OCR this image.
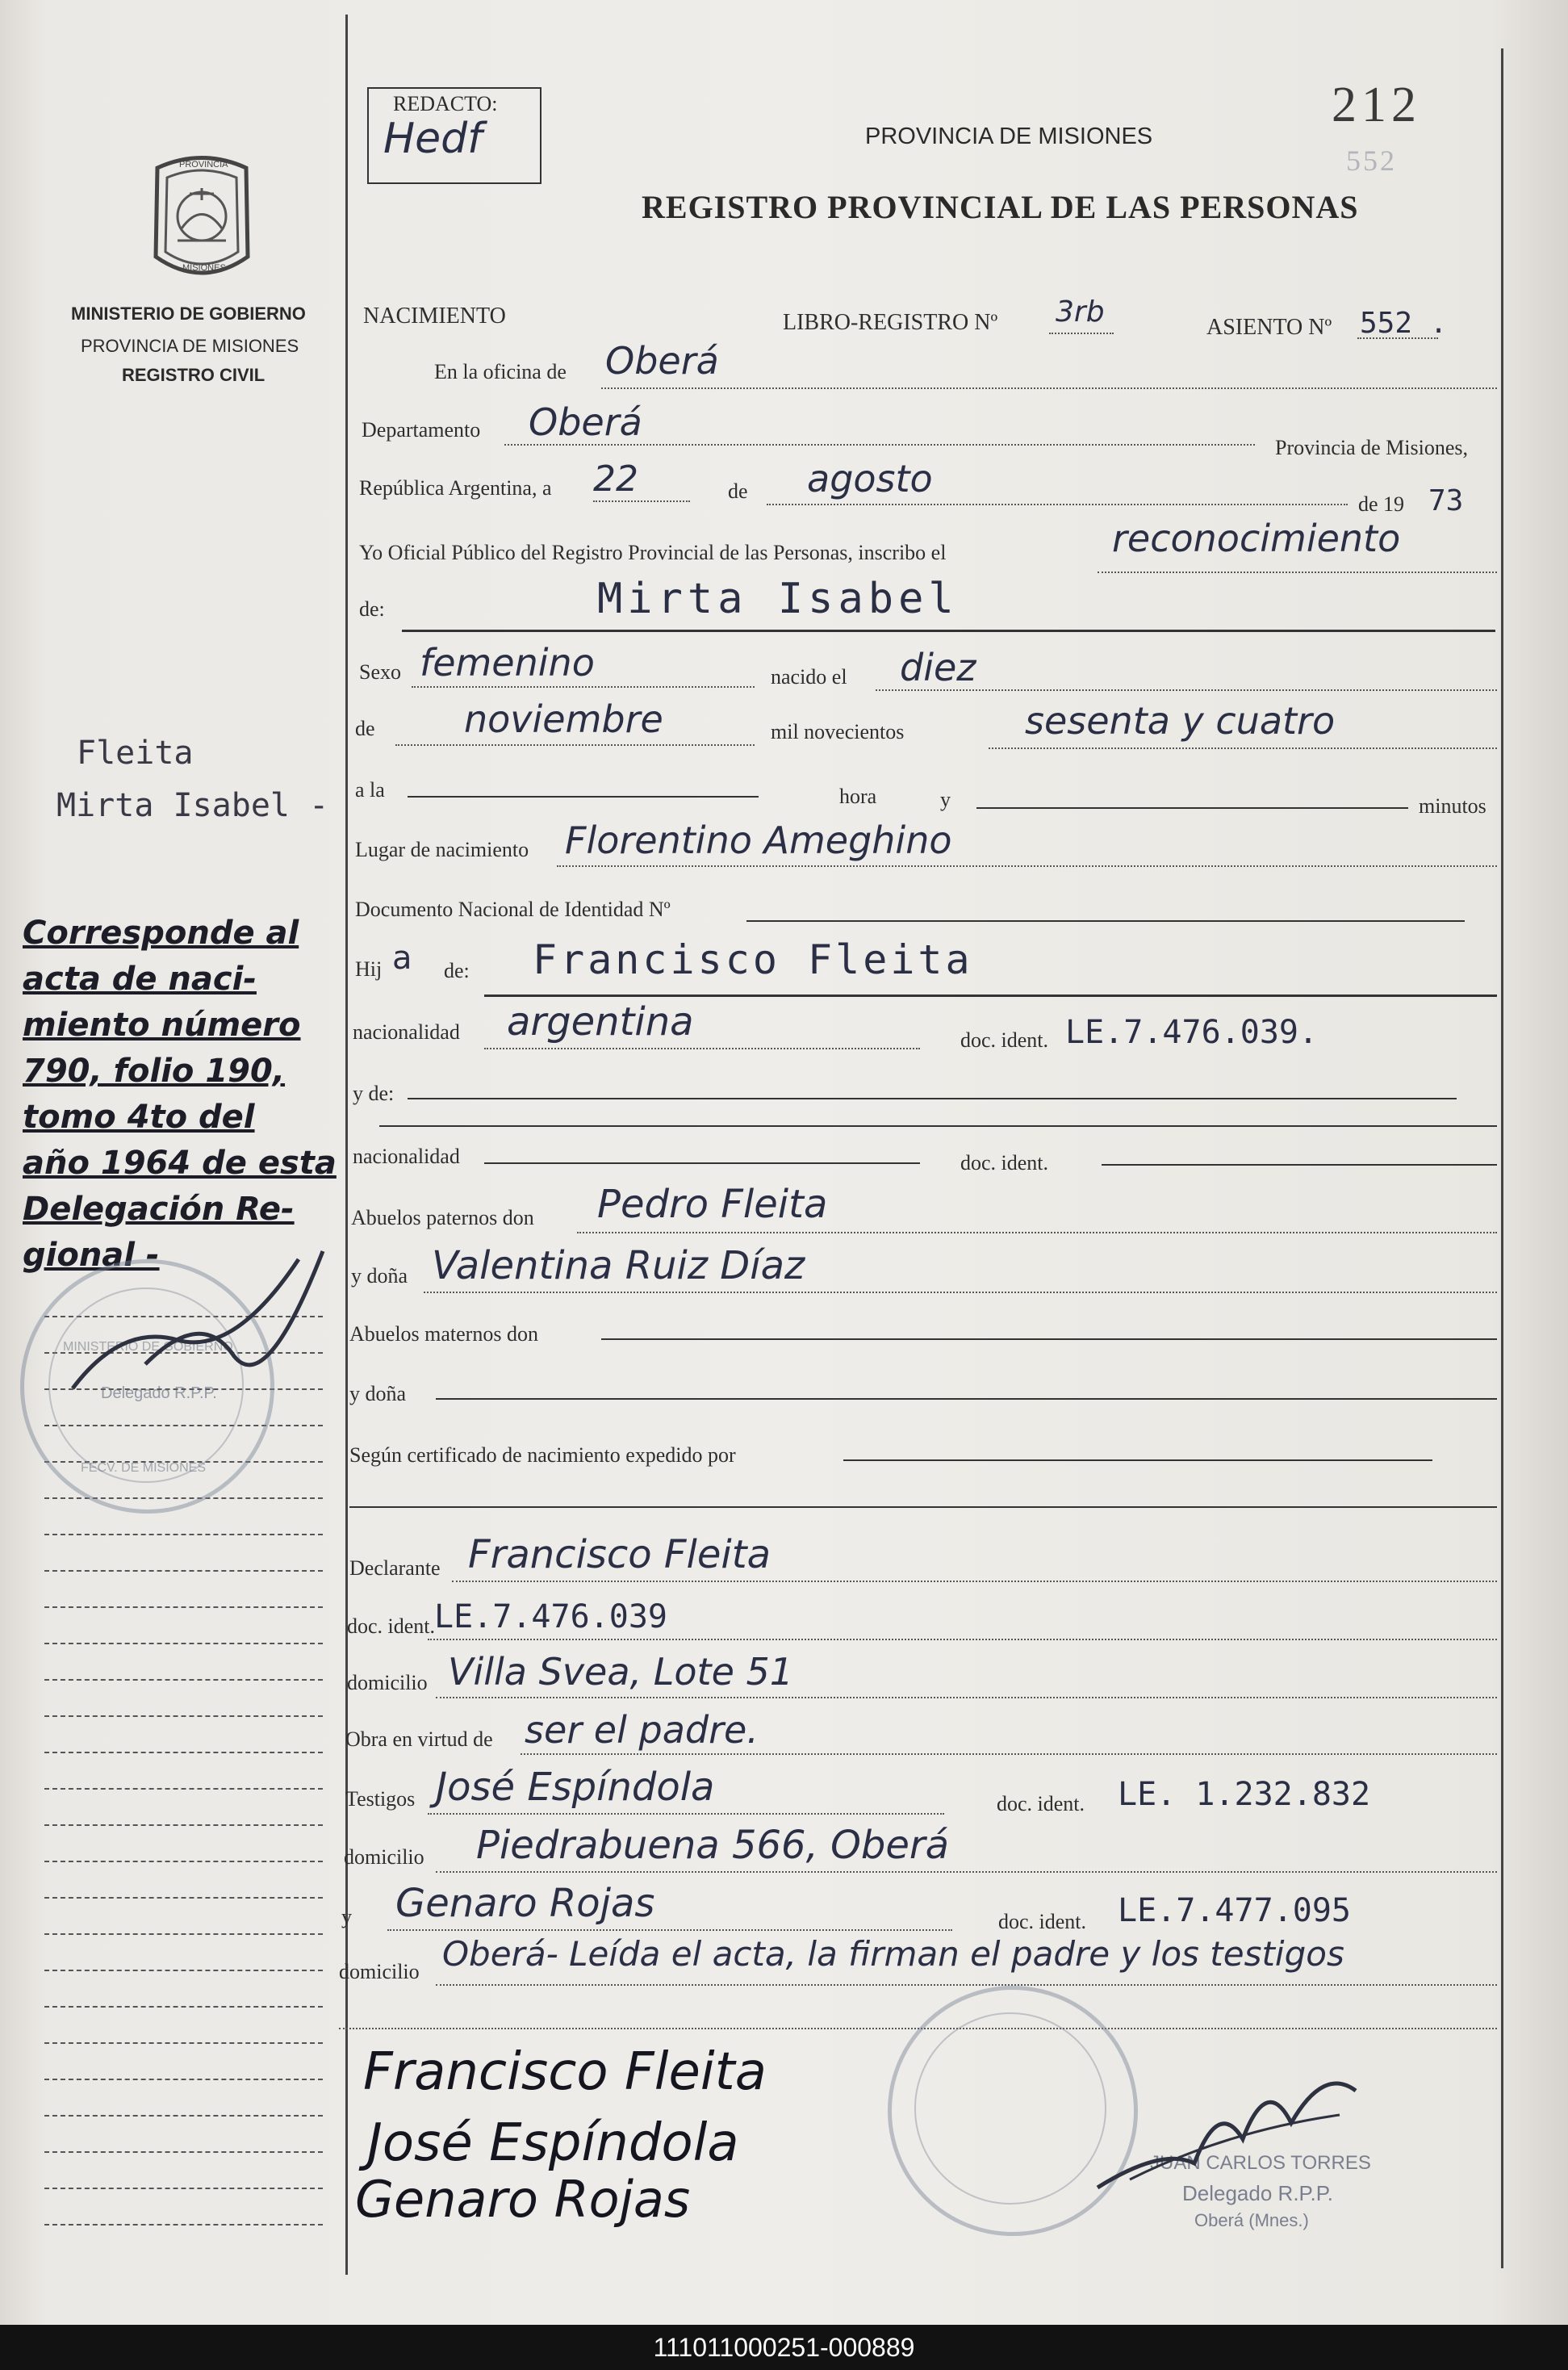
REDACTO:
Hedf
212
552
PROVINCIA DE MISIONES
REGISTRO PROVINCIAL DE LAS PERSONAS
PROVINCIA
MISIONES
MINISTERIO DE GOBIERNO
PROVINCIA DE MISIONES
REGISTRO CIVIL
Fleita
Mirta Isabel -
Corresponde al
acta de naci-
miento número
790, folio 190,
tomo 4to del
año 1964 de esta
Delegación Re-
gional -
Delegado R.P.P.
MINISTERIO DE GOBIERNO
FECV. DE MISIONES
NACIMIENTO	LIBRO-REGISTRO Nº 3rb	ASIENTO Nº 552 .
En la oficina de Oberá
Departamento Oberá
Provincia de Misiones,
República Argentina, a 22	de agosto
de 19 73
Yo Oficial Público del Registro Provincial de las Personas, inscribo el	reconocimiento
de:	Mirta Isabel
Sexo femenino	nacido el diez
de noviembre	mil novecientos	sesenta y cuatro
a la	hora	y	minutos
Lugar de nacimiento Florentino Ameghino
Documento Nacional de Identidad Nº
Hij a de: Francisco Fleita
nacionalidad argentina	doc. ident. LE.7.476.039.
y de:
nacionalidad	doc. ident.
Abuelos paternos don Pedro Fleita
y doña Valentina Ruiz Díaz
Abuelos maternos don
y doña
Según certificado de nacimiento expedido por
Declarante Francisco Fleita
doc. ident.
LE.7.476.039
domicilio Villa Svea, Lote 51
Obra en virtud de ser el padre.
Testigos José Espíndola	doc. ident. LE. 1.232.832
domicilio Piedrabuena 566, Oberá
y Genaro Rojas	doc. ident. LE.7.477.095
domicilio Oberá- Leída el acta, la firman el padre y los testigos
JUAN CARLOS TORRES
Delegado R.P.P.
Oberá (Mnes.)
Francisco Fleita
José Espíndola
Genaro Rojas
111011000251-000889
